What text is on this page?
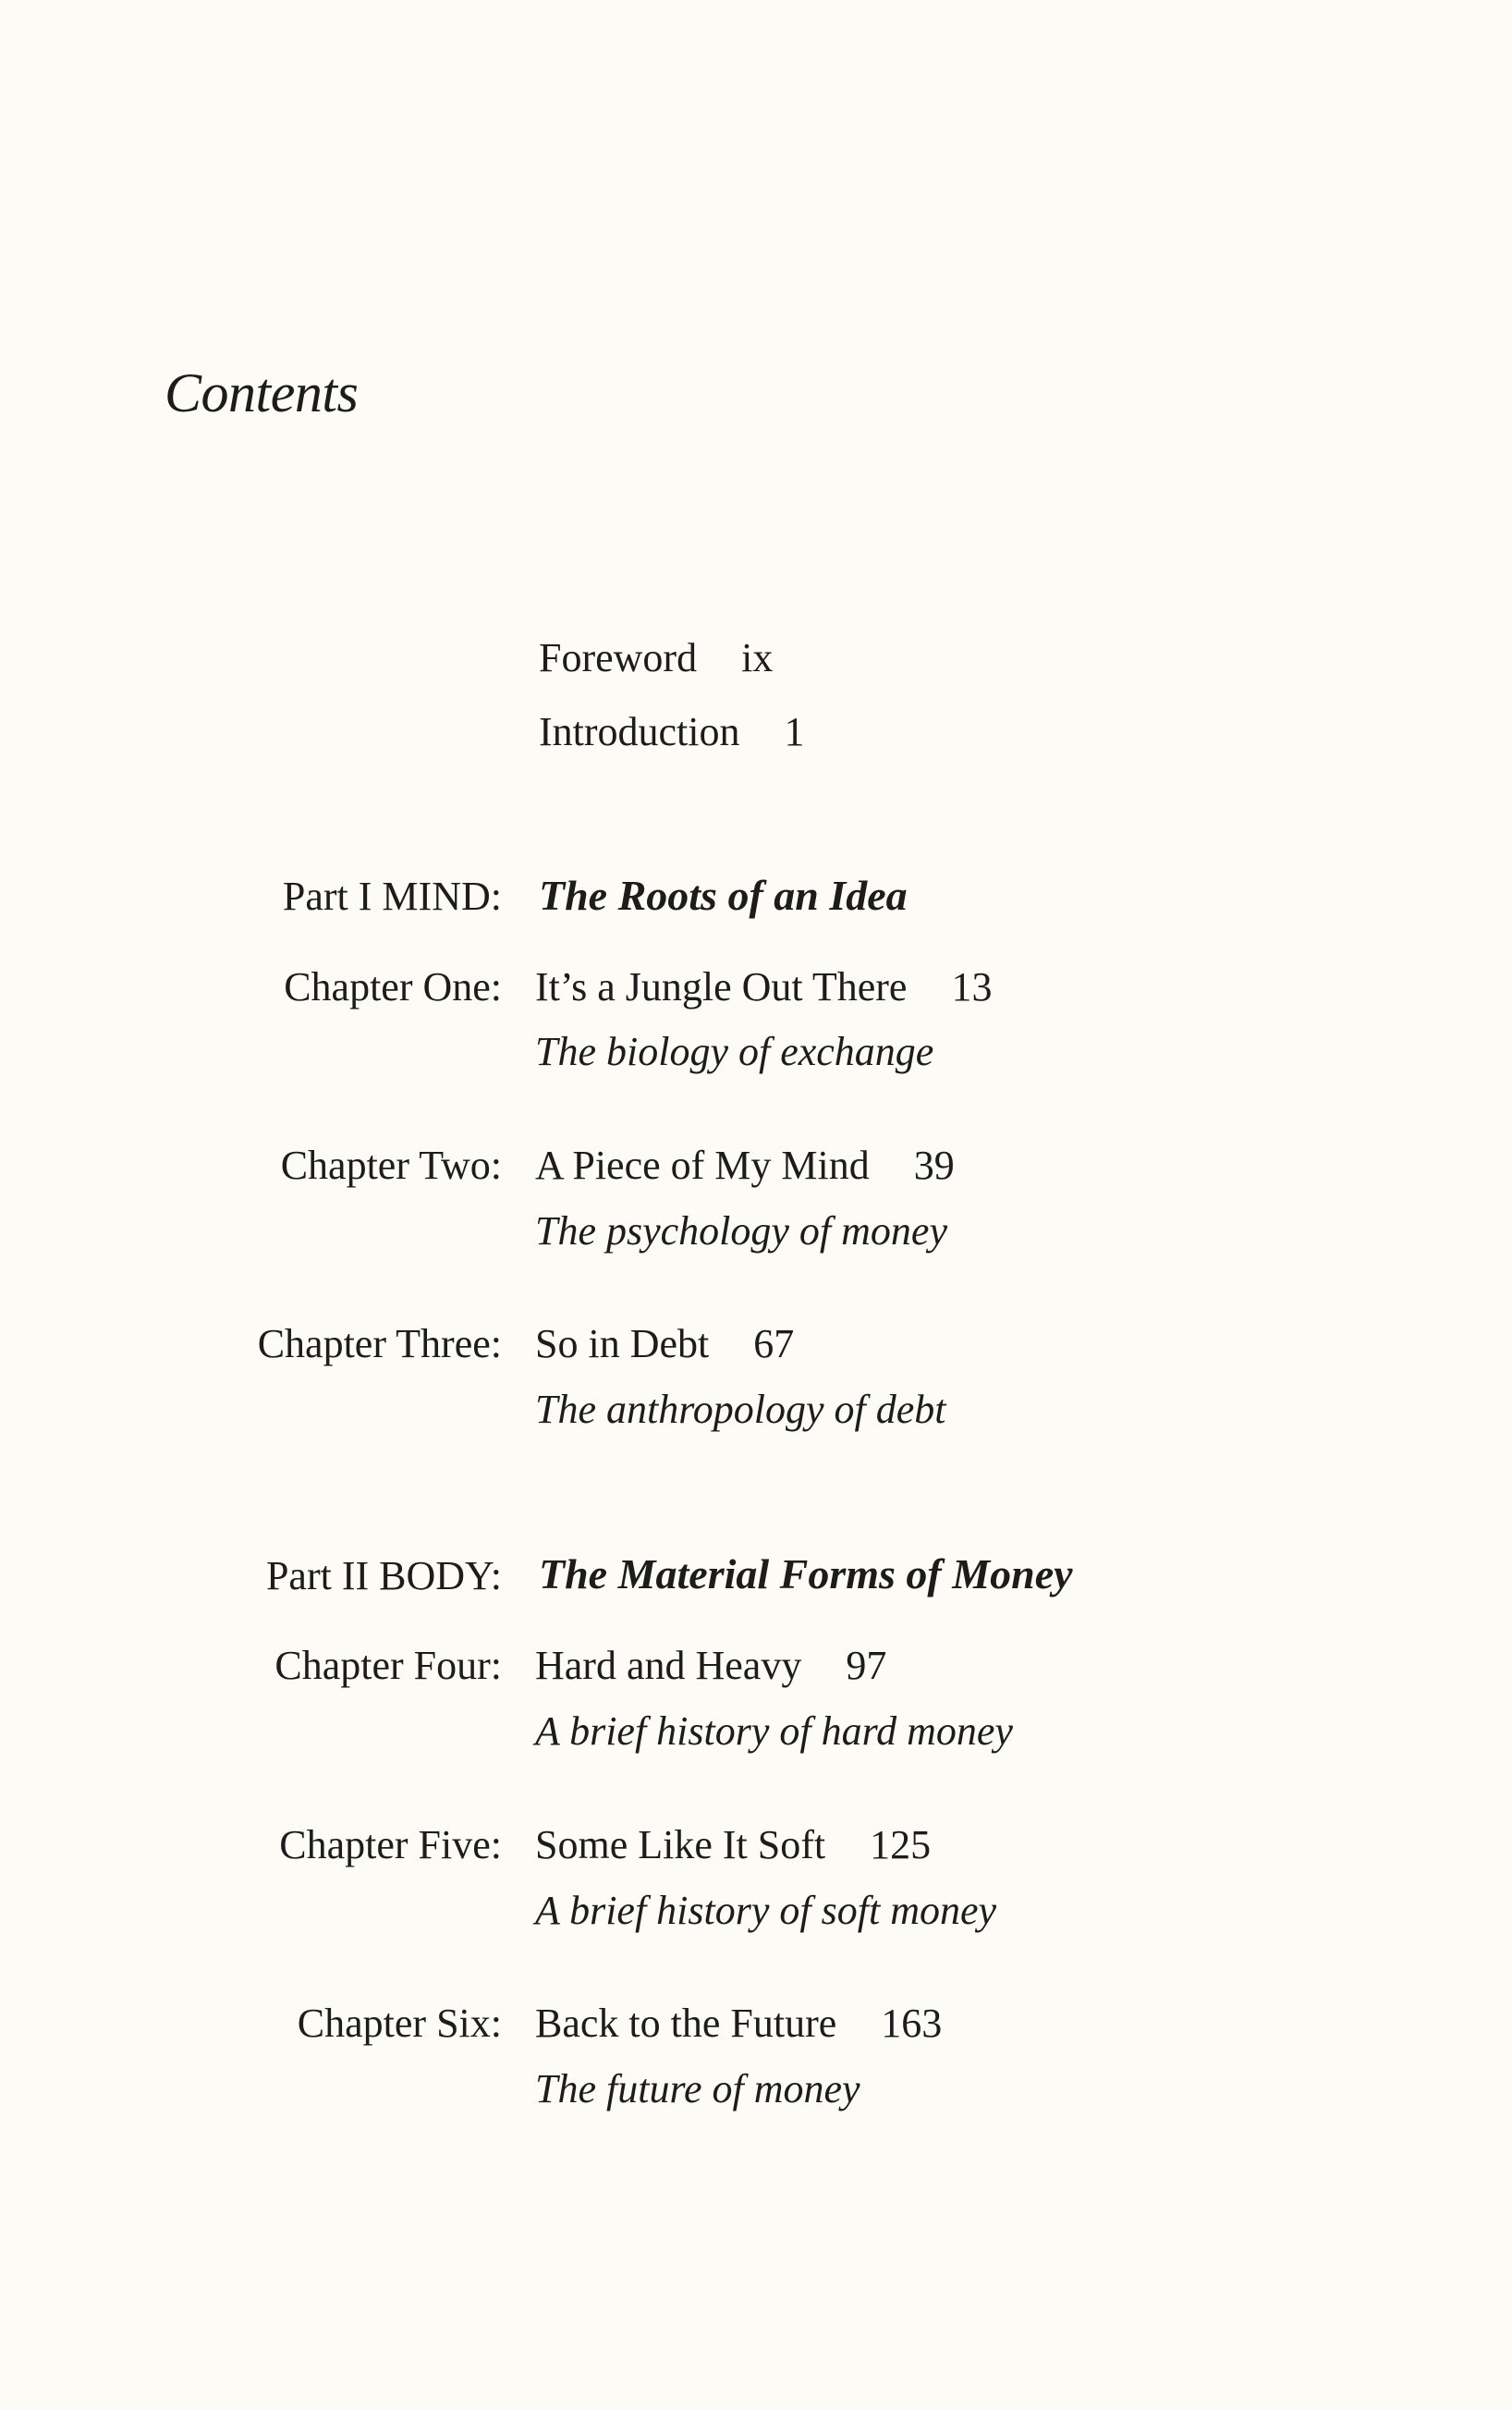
Contents
Foreword ix
Introduction 1
Part I MIND: The Roots of an Idea
Chapter One: It’s a Jungle Out There 13
The biology of exchange
Chapter Two: A Piece of My Mind 39
The psychology of money
Chapter Three: So in Debt 67
The anthropology of debt
Part II BODY: The Material Forms of Money
Chapter Four: Hard and Heavy 97
A brief history of hard money
Chapter Five: Some Like It Soft 125
A brief history of soft money
Chapter Six: Back to the Future 163
The future of money
